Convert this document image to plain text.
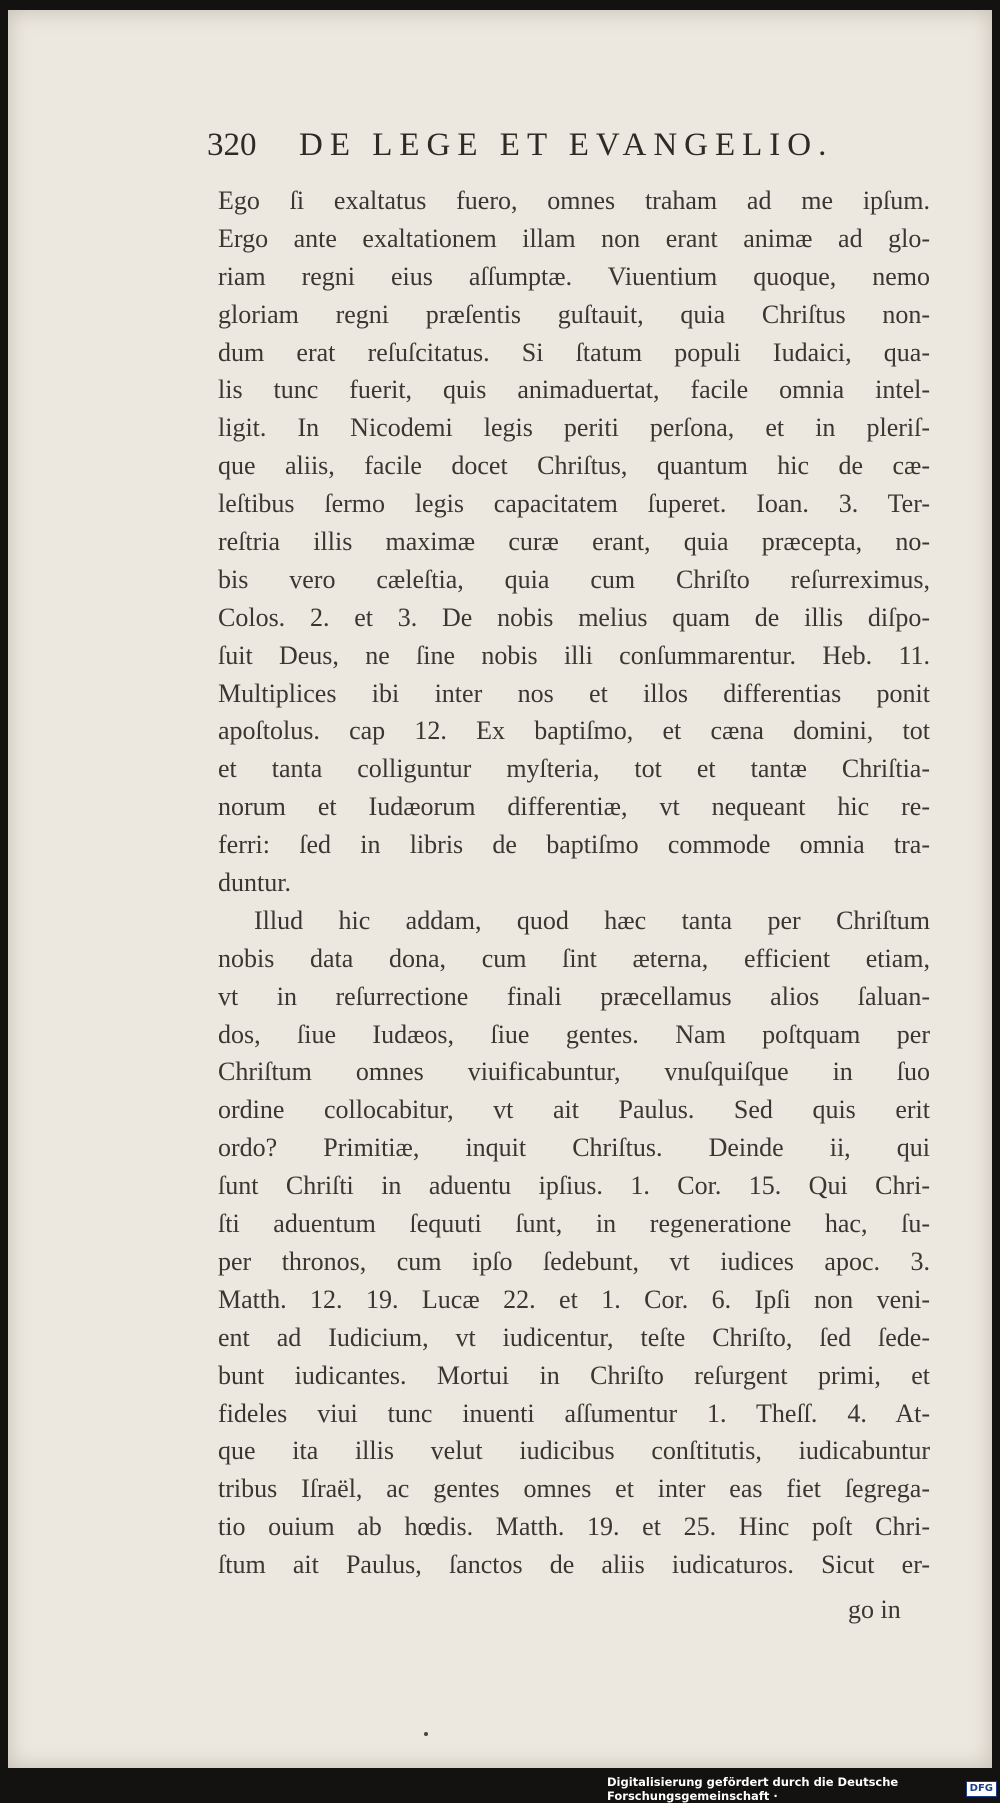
320 DE LEGE ET EVANGELIO.
Ego ſi exaltatus fuero, omnes traham ad me ipſum.
Ergo ante exaltationem illam non erant animæ ad glo-
riam regni eius aſſumptæ. Viuentium quoque, nemo
gloriam regni præſentis guſtauit, quia Chriſtus non-
dum erat reſuſcitatus. Si ſtatum populi Iudaici, qua-
lis tunc fuerit, quis animaduertat, facile omnia intel-
ligit. In Nicodemi legis periti perſona, et in pleriſ-
que aliis, facile docet Chriſtus, quantum hic de cæ-
leſtibus ſermo legis capacitatem ſuperet. Ioan. 3. Ter-
reſtria illis maximæ curæ erant, quia præcepta, no-
bis vero cæleſtia, quia cum Chriſto reſurreximus,
Colos. 2. et 3. De nobis melius quam de illis diſpo-
ſuit Deus, ne ſine nobis illi conſummarentur. Heb. 11.
Multiplices ibi inter nos et illos differentias ponit
apoſtolus. cap 12. Ex baptiſmo, et cæna domini, tot
et tanta colliguntur myſteria, tot et tantæ Chriſtia-
norum et Iudæorum differentiæ, vt nequeant hic re-
ferri: ſed in libris de baptiſmo commode omnia tra-
duntur.
Illud hic addam, quod hæc tanta per Chriſtum
nobis data dona, cum ſint æterna, efficient etiam,
vt in reſurrectione finali præcellamus alios ſaluan-
dos, ſiue Iudæos, ſiue gentes. Nam poſtquam per
Chriſtum omnes viuificabuntur, vnuſquiſque in ſuo
ordine collocabitur, vt ait Paulus. Sed quis erit
ordo? Primitiæ, inquit Chriſtus. Deinde ii, qui
ſunt Chriſti in aduentu ipſius. 1. Cor. 15. Qui Chri-
ſti aduentum ſequuti ſunt, in regeneratione hac, ſu-
per thronos, cum ipſo ſedebunt, vt iudices apoc. 3.
Matth. 12. 19. Lucæ 22. et 1. Cor. 6. Ipſi non veni-
ent ad Iudicium, vt iudicentur, teſte Chriſto, ſed ſede-
bunt iudicantes. Mortui in Chriſto reſurgent primi, et
fideles viui tunc inuenti aſſumentur 1. Theſſ. 4. At-
que ita illis velut iudicibus conſtitutis, iudicabuntur
tribus Iſraël, ac gentes omnes et inter eas fiet ſegrega-
tio ouium ab hœdis. Matth. 19. et 25. Hinc poſt Chri-
ſtum ait Paulus, ſanctos de aliis iudicaturos. Sicut er-
go in
Digitalisierung gefördert durch die Deutsche Forschungsgemeinschaft ·
DFG
